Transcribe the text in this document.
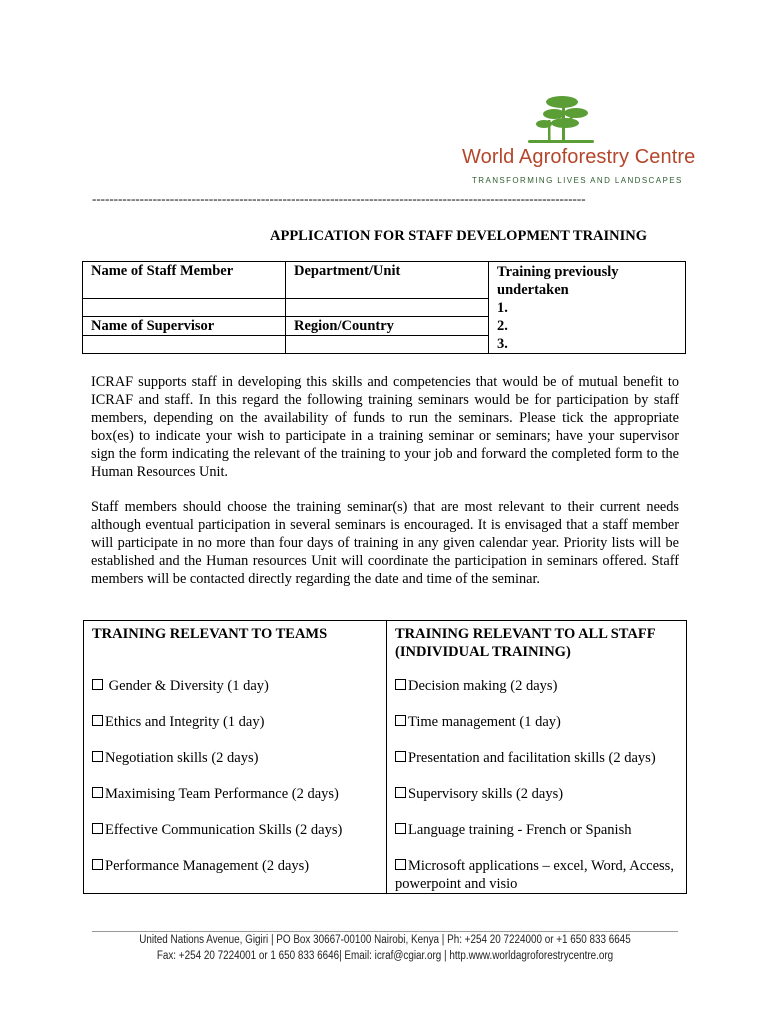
World Agroforestry Centre
TRANSFORMING LIVES AND LANDSCAPES
------------------------------------------------------------------------------------------------------------------
APPLICATION FOR STAFF DEVELOPMENT TRAINING
Name of Staff Member	Department/Unit	Training previously undertaken
1.
2.
3.

Name of Supervisor	Region/Country	

ICRAF supports staff in developing this skills and competencies that would be of mutual benefit to ICRAF and staff. In this regard the following training seminars would be for participation by staff members, depending on the availability of funds to run the seminars. Please tick the appropriate box(es) to indicate your wish to participate in a training seminar or seminars; have your supervisor sign the form indicating the relevant of the training to your job and forward the completed form to the Human Resources Unit.

Staff members should choose the training seminar(s) that are most relevant to their current needs although eventual participation in several seminars is encouraged. It is envisaged that a staff member will participate in no more than four days of training in any given calendar year. Priority lists will be established and the Human resources Unit will coordinate the participation in seminars offered. Staff members will be contacted directly regarding the date and time of the seminar.

TRAINING RELEVANT TO TEAMS	TRAINING RELEVANT TO ALL STAFF (INDIVIDUAL TRAINING)
Gender & Diversity (1 day)	Decision making (2 days)
Ethics and Integrity (1 day)	Time management (1 day)
Negotiation skills (2 days)	Presentation and facilitation skills (2 days)
Maximising Team Performance (2 days)	Supervisory skills (2 days)
Effective Communication Skills (2 days)	Language training - French or Spanish
Performance Management (2 days)	Microsoft applications – excel, Word, Access, powerpoint and visio
United Nations Avenue, Gigiri | PO Box 30667-00100 Nairobi, Kenya | Ph: +254 20 7224000 or +1 650 833 6645
Fax: +254 20 7224001 or 1 650 833 6646| Email: icraf@cgiar.org | http.www.worldagroforestrycentre.org
